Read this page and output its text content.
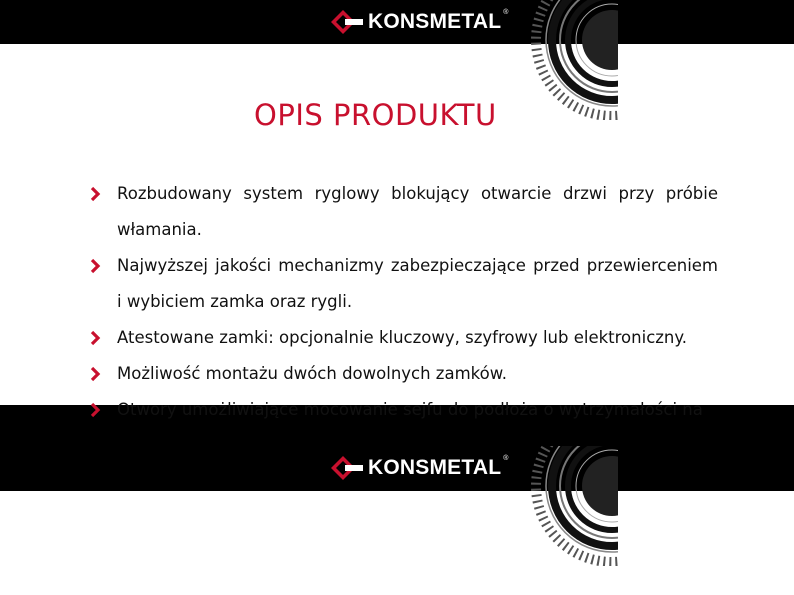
KONSMETAL ®
OPIS PRODUKTU
Rozbudowany system ryglowy blokujący otwarcie drzwi przy próbie włamania.
Najwyższej jakości mechanizmy zabezpieczające przed przewierceniem i wybiciem zamka oraz rygli.
Atestowane zamki: opcjonalnie kluczowy, szyfrowy lub elektroniczny.
Możliwość montażu dwóch dowolnych zamków.
Otwory umożliwiające mocowanie sejfu do podłoża o wytrzymałości na
KONSMETAL ®
